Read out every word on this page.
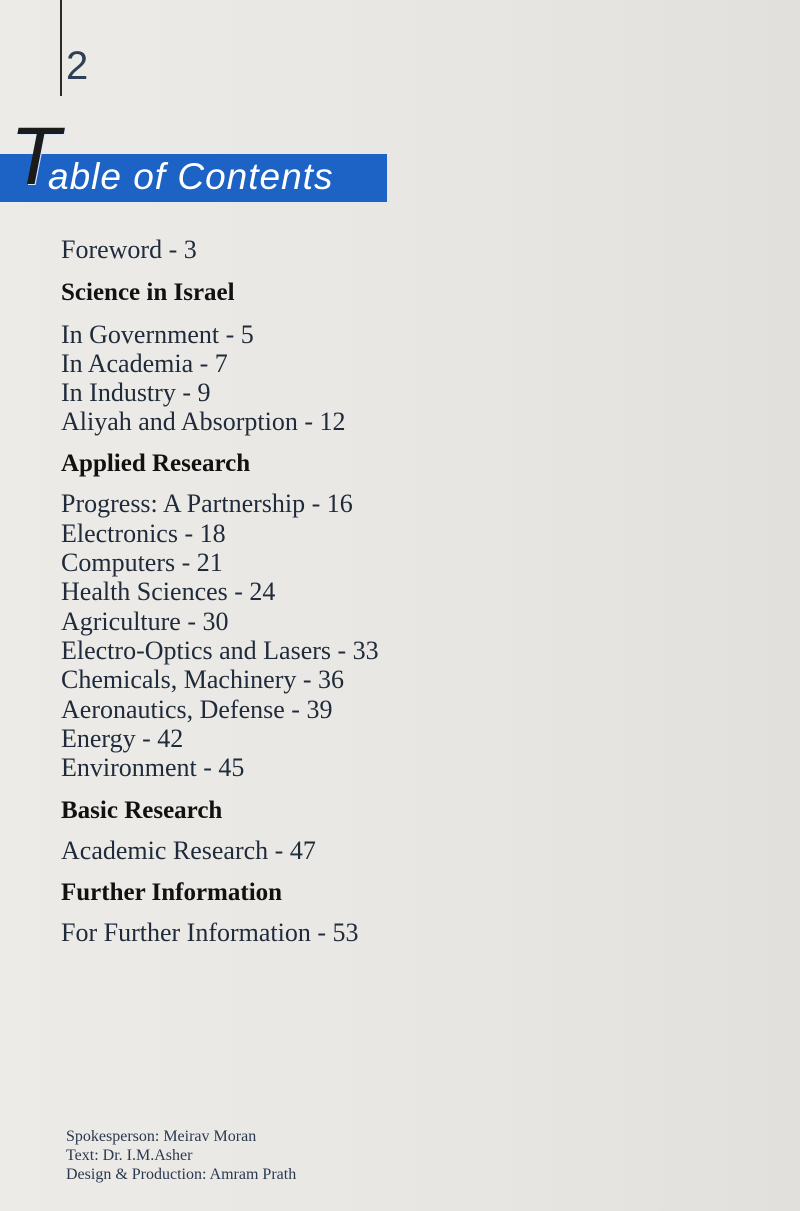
2

T
able of Contents
Foreword - 3
Science in Israel
In Government - 5
In Academia - 7
In Industry - 9
Aliyah and Absorption - 12
Applied Research
Progress: A Partnership - 16
Electronics - 18
Computers - 21
Health Sciences - 24
Agriculture - 30
Electro-Optics and Lasers - 33
Chemicals, Machinery - 36
Aeronautics, Defense - 39
Energy - 42
Environment - 45
Basic Research
Academic Research - 47
Further Information
For Further Information - 53
Spokesperson: Meirav Moran
Text: Dr. I.M.Asher
Design & Production: Amram Prath
